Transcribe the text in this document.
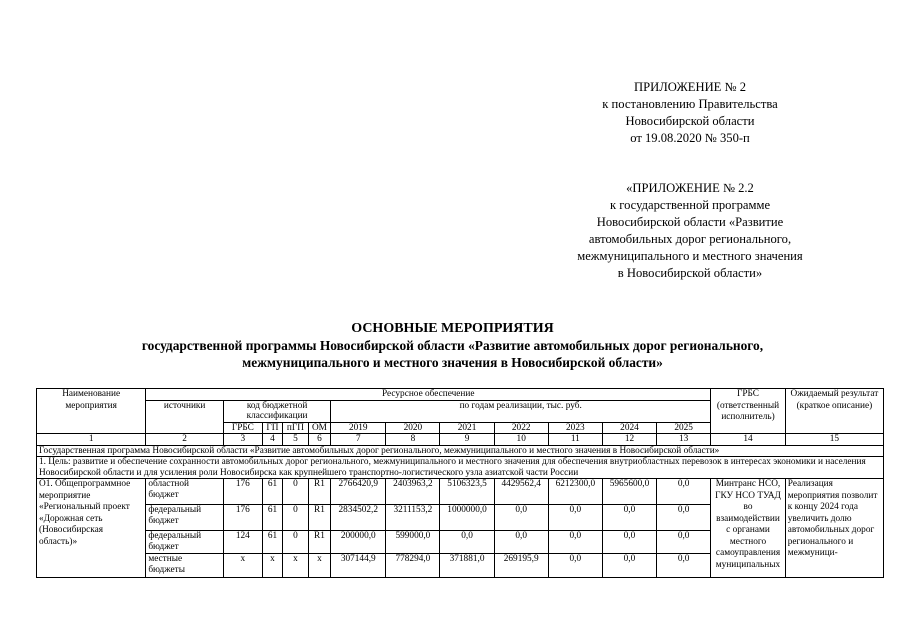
ПРИЛОЖЕНИЕ № 2
к постановлению Правительства
Новосибирской области
от 19.08.2020 № 350-п
«ПРИЛОЖЕНИЕ № 2.2
к государственной программе
Новосибирской области «Развитие
автомобильных дорог регионального,
межмуниципального и местного значения
в Новосибирской области»
ОСНОВНЫЕ МЕРОПРИЯТИЯ
государственной программы Новосибирской области «Развитие автомобильных дорог регионального,
межмуниципального и местного значения в Новосибирской области»
Наименование мероприятия	Ресурсное обеспечение												ГРБС (ответственный исполнитель)	Ожидаемый результат (краткое описание)
	источники	код бюджетной классификации				по годам реализации, тыс. руб.								
		ГРБС	ГП	пГП	ОМ	2019	2020	2021	2022	2023	2024	2025		
1	2	3	4	5	6	7	8	9	10	11	12	13	14	15
Государственная программа Новосибирской области «Развитие автомобильных дорог регионального, межмуниципального и местного значения в Новосибирской области»														
1. Цель: развитие и обеспечение сохранности автомобильных дорог регионального, межмуниципального и местного значения для обеспечения внутриобластных перевозок в интересах экономики и населения Новосибирской области и для усиления роли Новосибирска как крупнейшего транспортно-логистического узла азиатской части России														
О1. Общепрограммное мероприятие «Региональный проект «Дорожная сеть (Новосибирская область)»	областной бюджет	176	61	0	R1	2766420,9	2403963,2	5106323,5	4429562,4	6212300,0	5965600,0	0,0	Минтранс НСО, ГКУ НСО ТУАД во взаимодействии с органами местного самоуправления муниципальных	Реализация мероприятия позволит к концу 2024 года увеличить долю автомобильных дорог регионального и межмуници-
	федеральный бюджет	176	61	0	R1	2834502,2	3211153,2	1000000,0	0,0	0,0	0,0	0,0		
	федеральный бюджет	124	61	0	R1	200000,0	599000,0	0,0	0,0	0,0	0,0	0,0		
	местные бюджеты	x	x	x	x	307144,9	778294,0	371881,0	269195,9	0,0	0,0	0,0		
